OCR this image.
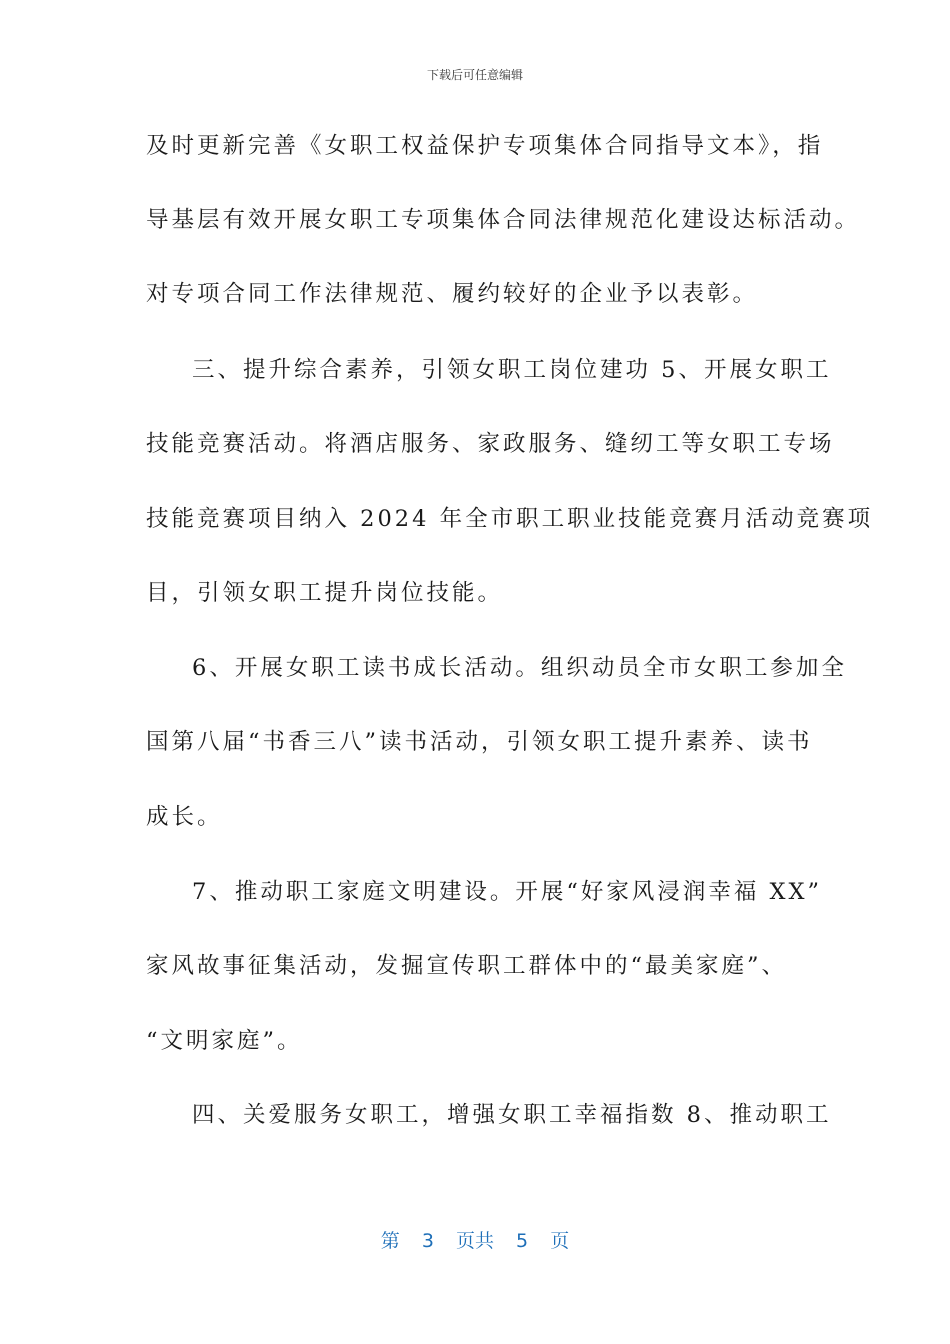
下载后可任意编辑
及时更新完善《女职工权益保护专项集体合同指导文本》，指
导基层有效开展女职工专项集体合同法律规范化建设达标活动。
对专项合同工作法律规范、履约较好的企业予以表彰。
三、提升综合素养，引领女职工岗位建功 5、开展女职工
技能竞赛活动。将酒店服务、家政服务、缝纫工等女职工专场
技能竞赛项目纳入 2024 年全市职工职业技能竞赛月活动竞赛项
目，引领女职工提升岗位技能。
6、开展女职工读书成长活动。组织动员全市女职工参加全
国第八届“书香三八”读书活动，引领女职工提升素养、读书
成长。
7、推动职工家庭文明建设。开展“好家风浸润幸福 XX”
家风故事征集活动，发掘宣传职工群体中的“最美家庭”、
“文明家庭”。
四、关爱服务女职工，增强女职工幸福指数 8、推动职工
第 3 页共 5 页
